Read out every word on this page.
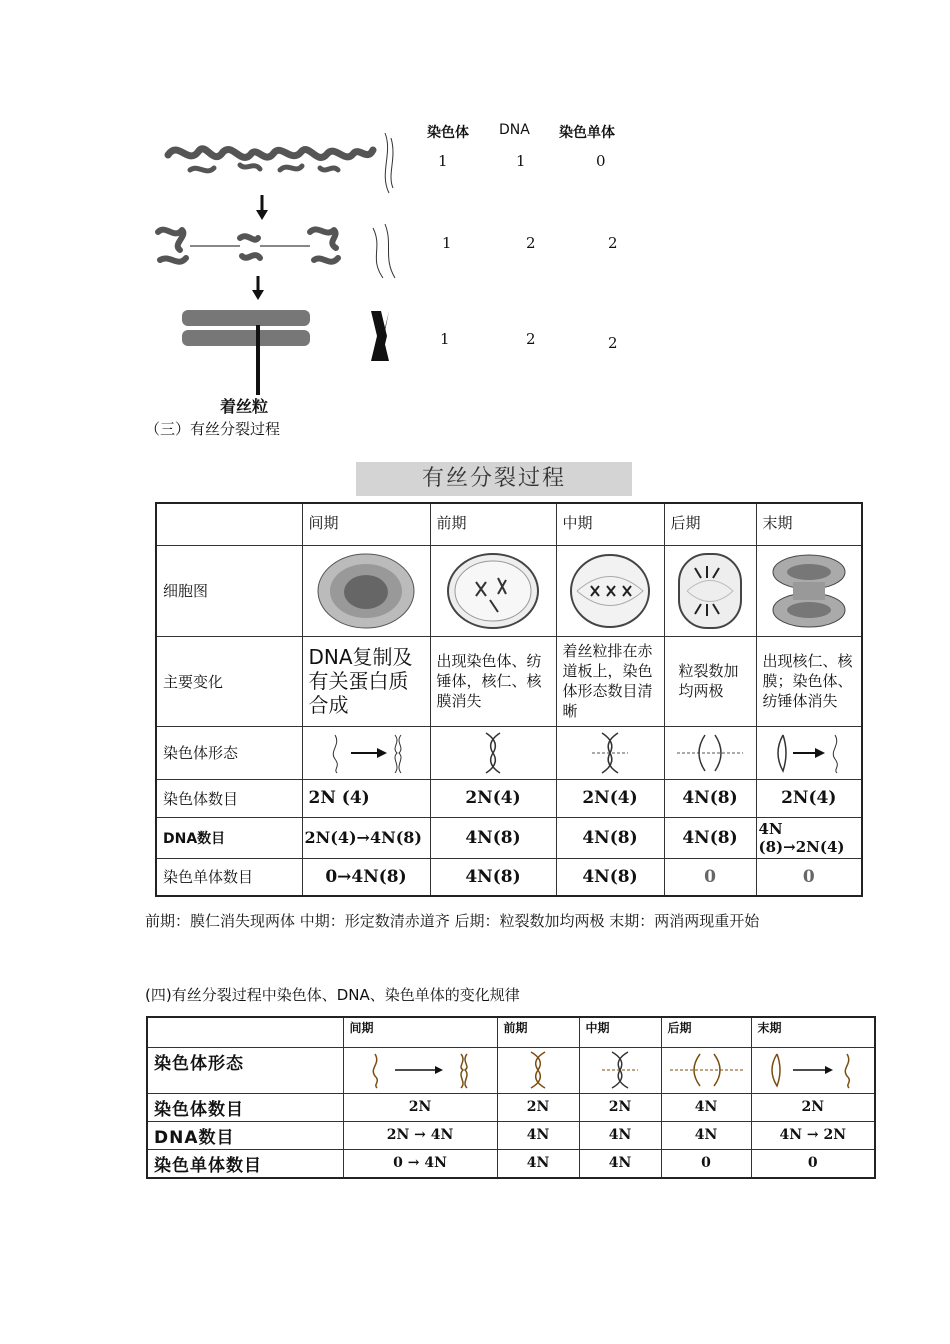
染色体 DNA 染色单体
1	1	0
1	2	2
1	2	2
着丝粒
（三）有丝分裂过程
有丝分裂过程
	间期	前期	中期	后期	末期
细胞图	

主要变化	DNA复制及有关蛋白质合成	出现染色体、纺锤体，核仁、核膜消失	着丝粒排在赤道板上，染色体形态数目清晰	粒裂数加均两极	出现核仁、核膜；染色体、纺锤体消失
染色体形态	

染色体数目	2N (4)	2N(4)	2N(4)	4N(8)	2N(4)
DNA数目	2N(4)→4N(8)	4N(8)	4N(8)	4N(8)	4N (8)→2N(4)
染色单体数目	0→4N(8)	4N(8)	4N(8)	0	0
前期：膜仁消失现两体 中期：形定数清赤道齐 后期：粒裂数加均两极 末期：两消两现重开始
(四)有丝分裂过程中染色体、DNA、染色单体的变化规律
	间期	前期	中期	后期	末期
染色体形态	

染色体数目	2N	2N	2N	4N	2N
DNA数目	2N → 4N	4N	4N	4N	4N → 2N
染色单体数目	0 → 4N	4N	4N	0	0
